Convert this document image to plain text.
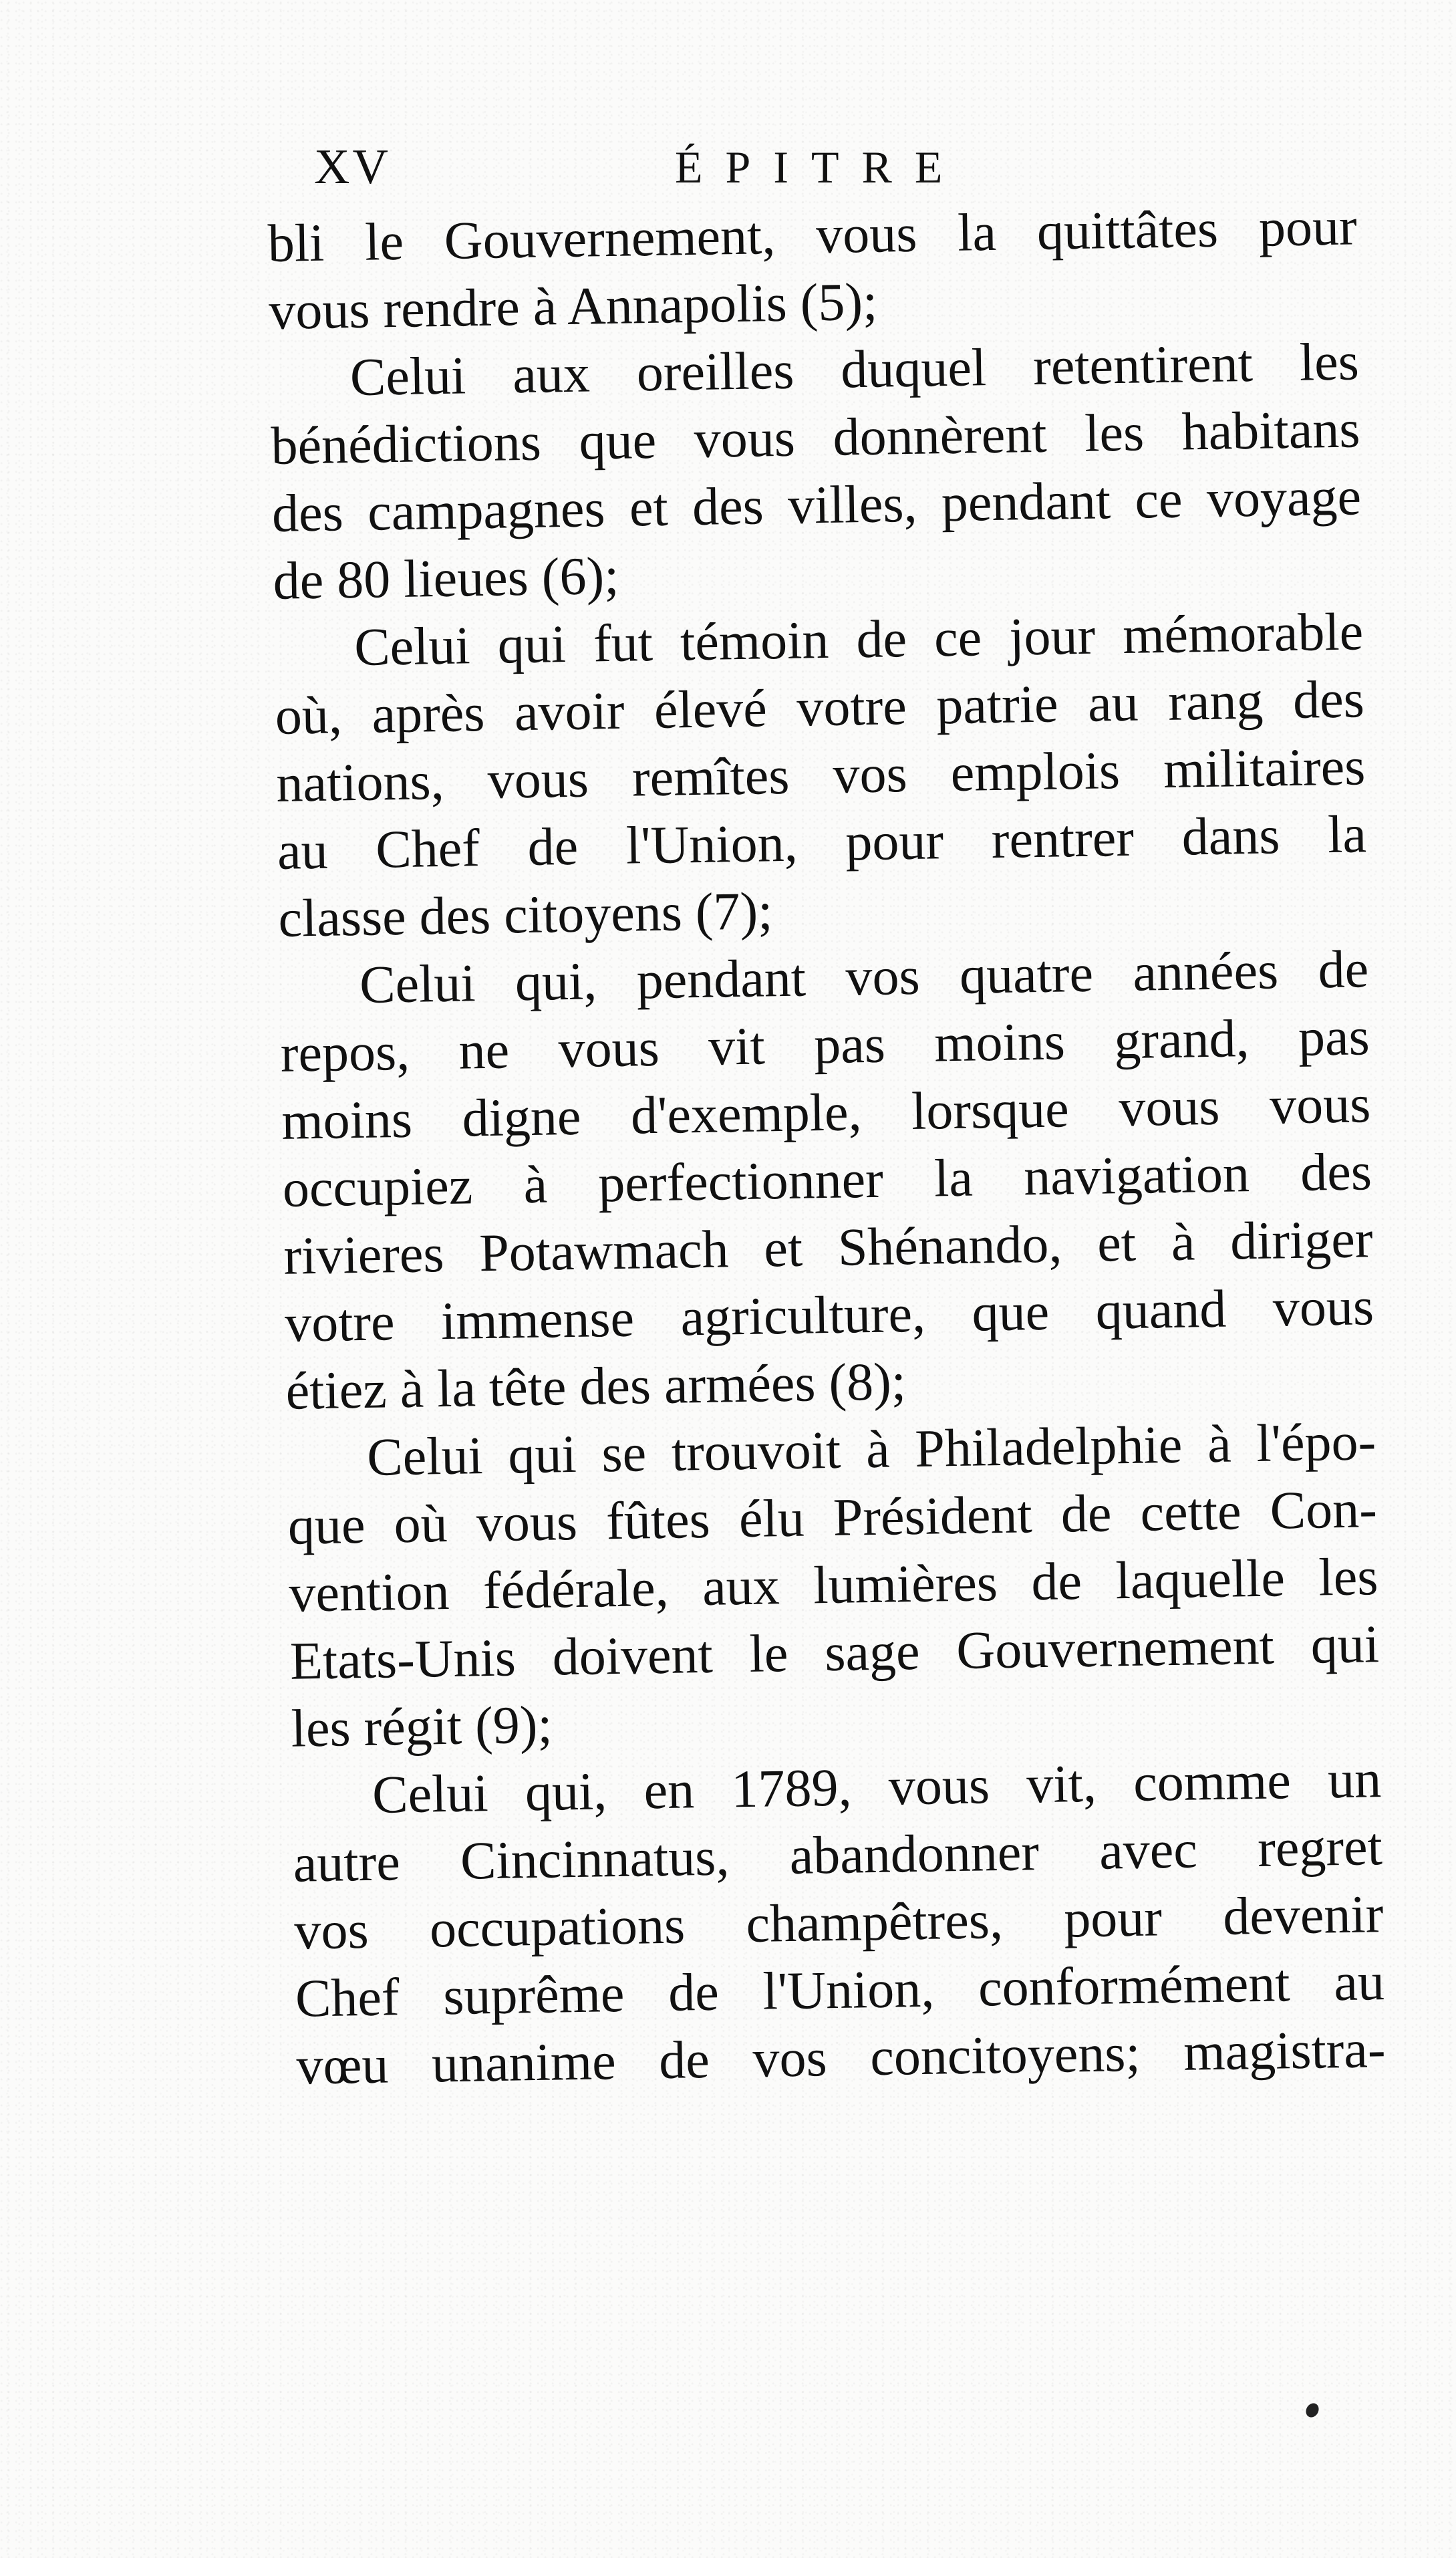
XV	ÉPITRE
bli le Gouvernement, vous la quittâtes pour
vous rendre à Annapolis (5);
Celui aux oreilles duquel retentirent les
bénédictions que vous donnèrent les habitans
des campagnes et des villes, pendant ce voyage
de 80 lieues (6);
Celui qui fut témoin de ce jour mémorable
où, après avoir élevé votre patrie au rang des
nations, vous remîtes vos emplois militaires
au Chef de l'Union, pour rentrer dans la
classe des citoyens (7);
Celui qui, pendant vos quatre années de
repos, ne vous vit pas moins grand, pas
moins digne d'exemple, lorsque vous vous
occupiez à perfectionner la navigation des
rivieres Potawmach et Shénando, et à diriger
votre immense agriculture, que quand vous
étiez à la tête des armées (8);
Celui qui se trouvoit à Philadelphie à l'épo-
que où vous fûtes élu Président de cette Con-
vention fédérale, aux lumières de laquelle les
Etats-Unis doivent le sage Gouvernement qui
les régit (9);
Celui qui, en 1789, vous vit, comme un
autre Cincinnatus, abandonner avec regret
vos occupations champêtres, pour devenir
Chef suprême de l'Union, conformément au
vœu unanime de vos concitoyens; magistra-
